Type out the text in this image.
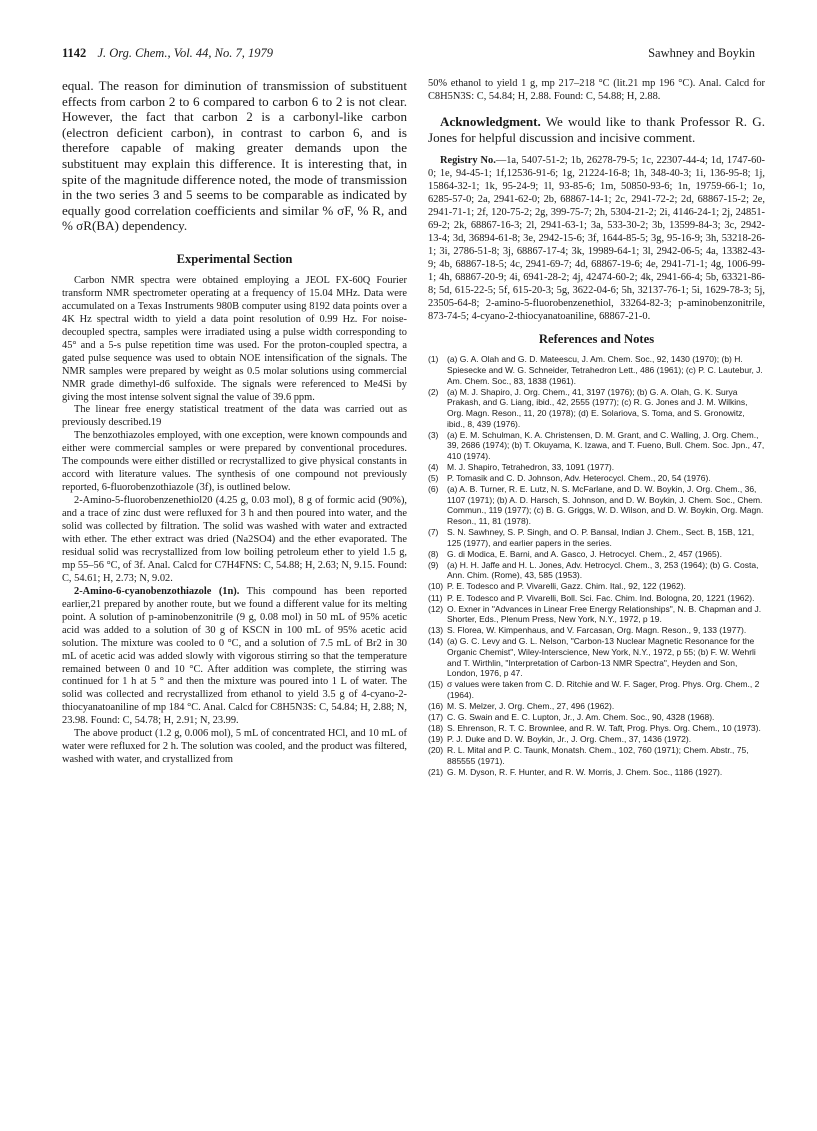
1142 J. Org. Chem., Vol. 44, No. 7, 1979	Sawhney and Boykin

equal. The reason for diminution of transmission of substituent effects from carbon 2 to 6 compared to carbon 6 to 2 is not clear. However, the fact that carbon 2 is a carbonyl-like carbon (electron deficient carbon), in contrast to carbon 6, and is therefore capable of making greater demands upon the substituent may explain this difference. It is interesting that, in spite of the magnitude difference noted, the mode of transmission in the two series 3 and 5 seems to be comparable as indicated by equally good correlation coefficients and similar % σF, % R, and % σR(BA) dependency.

Experimental Section

Carbon NMR spectra were obtained employing a JEOL FX-60Q Fourier transform NMR spectrometer operating at a frequency of 15.04 MHz. Data were accumulated on a Texas Instruments 980B computer using 8192 data points over a 4K Hz spectral width to yield a data point resolution of 0.99 Hz. For noise-decoupled spectra, samples were irradiated using a pulse width corresponding to 45° and a 5-s pulse repetition time was used. For the proton-coupled spectra, a gated pulse sequence was used to obtain NOE intensification of the signals. The NMR samples were prepared by weight as 0.5 molar solutions using commercial NMR grade dimethyl-d6 sulfoxide. The signals were referenced to Me4Si by giving the most intense solvent signal the value of 39.6 ppm.

The linear free energy statistical treatment of the data was carried out as previously described.19

The benzothiazoles employed, with one exception, were known compounds and either were commercial samples or were prepared by conventional procedures. The compounds were either distilled or recrystallized to give physical constants in accord with literature values. The synthesis of one compound not previously reported, 6-fluorobenzothiazole (3f), is outlined below.

2-Amino-5-fluorobenzenethiol20 (4.25 g, 0.03 mol), 8 g of formic acid (90%), and a trace of zinc dust were refluxed for 3 h and then poured into water, and the solid was collected by filtration. The solid was washed with water and extracted with ether. The ether extract was dried (Na2SO4) and the ether evaporated. The residual solid was recrystallized from low boiling petroleum ether to yield 1.5 g, mp 55–56 °C, of 3f. Anal. Calcd for C7H4FNS: C, 54.88; H, 2.63; N, 9.15. Found: C, 54.61; H, 2.73; N, 9.02.

2-Amino-6-cyanobenzothiazole (1n). This compound has been reported earlier,21 prepared by another route, but we found a different value for its melting point. A solution of p-aminobenzonitrile (9 g, 0.08 mol) in 50 mL of 95% acetic acid was added to a solution of 30 g of KSCN in 100 mL of 95% acetic acid solution. The mixture was cooled to 0 °C, and a solution of 7.5 mL of Br2 in 30 mL of acetic acid was added slowly with vigorous stirring so that the temperature remained between 0 and 10 °C. After addition was complete, the stirring was continued for 1 h at 5 ° and then the mixture was poured into 1 L of water. The solid was collected and recrystallized from ethanol to yield 3.5 g of 4-cyano-2-thiocyanatoaniline of mp 184 °C. Anal. Calcd for C8H5N3S: C, 54.84; H, 2.88; N, 23.98. Found: C, 54.78; H, 2.91; N, 23.99.

The above product (1.2 g, 0.006 mol), 5 mL of concentrated HCl, and 10 mL of water were refluxed for 2 h. The solution was cooled, and the product was filtered, washed with water, and crystallized from

50% ethanol to yield 1 g, mp 217–218 °C (lit.21 mp 196 °C). Anal. Calcd for C8H5N3S: C, 54.84; H, 2.88. Found: C, 54.88; H, 2.88.

Acknowledgment. We would like to thank Professor R. G. Jones for helpful discussion and incisive comment.

Registry No.—1a, 5407-51-2; 1b, 26278-79-5; 1c, 22307-44-4; 1d, 1747-60-0; 1e, 94-45-1; 1f,12536-91-6; 1g, 21224-16-8; 1h, 348-40-3; 1i, 136-95-8; 1j, 15864-32-1; 1k, 95-24-9; 1l, 93-85-6; 1m, 50850-93-6; 1n, 19759-66-1; 1o, 6285-57-0; 2a, 2941-62-0; 2b, 68867-14-1; 2c, 2941-72-2; 2d, 68867-15-2; 2e, 2941-71-1; 2f, 120-75-2; 2g, 399-75-7; 2h, 5304-21-2; 2i, 4146-24-1; 2j, 24851-69-2; 2k, 68867-16-3; 2l, 2941-63-1; 3a, 533-30-2; 3b, 13599-84-3; 3c, 2942-13-4; 3d, 36894-61-8; 3e, 2942-15-6; 3f, 1644-85-5; 3g, 95-16-9; 3h, 53218-26-1; 3i, 2786-51-8; 3j, 68867-17-4; 3k, 19989-64-1; 3l, 2942-06-5; 4a, 13382-43-9; 4b, 68867-18-5; 4c, 2941-69-7; 4d, 68867-19-6; 4e, 2941-71-1; 4g, 1006-99-1; 4h, 68867-20-9; 4i, 6941-28-2; 4j, 42474-60-2; 4k, 2941-66-4; 5b, 63321-86-8; 5d, 615-22-5; 5f, 615-20-3; 5g, 3622-04-6; 5h, 32137-76-1; 5i, 1629-78-3; 5j, 23505-64-8; 2-amino-5-fluorobenzenethiol, 33264-82-3; p-aminobenzonitrile, 873-74-5; 4-cyano-2-thiocyanatoaniline, 68867-21-0.

References and Notes
(1)	(a) G. A. Olah and G. D. Mateescu, J. Am. Chem. Soc., 92, 1430 (1970); (b) H. Spiesecke and W. G. Schneider, Tetrahedron Lett., 486 (1961); (c) P. C. Lautebur, J. Am. Chem. Soc., 83, 1838 (1961).
(2)	(a) M. J. Shapiro, J. Org. Chem., 41, 3197 (1976); (b) G. A. Olah, G. K. Surya Prakash, and G. Liang, ibid., 42, 2555 (1977); (c) R. G. Jones and J. M. Wilkins, Org. Magn. Reson., 11, 20 (1978); (d) E. Solariova, S. Toma, and S. Gronowitz, ibid., 8, 439 (1976).
(3)	(a) E. M. Schulman, K. A. Christensen, D. M. Grant, and C. Walling, J. Org. Chem., 39, 2686 (1974); (b) T. Okuyama, K. Izawa, and T. Fueno, Bull. Chem. Soc. Jpn., 47, 410 (1974).
(4)	M. J. Shapiro, Tetrahedron, 33, 1091 (1977).
(5)	P. Tomasik and C. D. Johnson, Adv. Heterocycl. Chem., 20, 54 (1976).
(6)	(a) A. B. Turner, R. E. Lutz, N. S. McFarlane, and D. W. Boykin, J. Org. Chem., 36, 1107 (1971); (b) A. D. Harsch, S. Johnson, and D. W. Boykin, J. Chem. Soc., Chem. Commun., 119 (1977); (c) B. G. Griggs, W. D. Wilson, and D. W. Boykin, Org. Magn. Reson., 11, 81 (1978).
(7)	S. N. Sawhney, S. P. Singh, and O. P. Bansal, Indian J. Chem., Sect. B, 15B, 121, 125 (1977), and earlier papers in the series.
(8)	G. di Modica, E. Barni, and A. Gasco, J. Hetrocycl. Chem., 2, 457 (1965).
(9)	(a) H. H. Jaffe and H. L. Jones, Adv. Hetrocycl. Chem., 3, 253 (1964); (b) G. Costa, Ann. Chim. (Rome), 43, 585 (1953).
(10) P. E. Todesco and P. Vivarelli, Gazz. Chim. Ital., 92, 122 (1962).
(11) P. E. Todesco and P. Vivarelli, Boll. Sci. Fac. Chim. Ind. Bologna, 20, 1221 (1962).
(12) O. Exner in "Advances in Linear Free Energy Relationships", N. B. Chapman and J. Shorter, Eds., Plenum Press, New York, N.Y., 1972, p 19.
(13) S. Florea, W. Kimpenhaus, and V. Farcasan, Org. Magn. Reson., 9, 133 (1977).
(14) (a) G. C. Levy and G. L. Nelson, "Carbon-13 Nuclear Magnetic Resonance for the Organic Chemist", Wiley-Interscience, New York, N.Y., 1972, p 55; (b) F. W. Wehrli and T. Wirthlin, "Interpretation of Carbon-13 NMR Spectra", Heyden and Son, London, 1976, p 47.
(15) σ values were taken from C. D. Ritchie and W. F. Sager, Prog. Phys. Org. Chem., 2 (1964).
(16) M. S. Melzer, J. Org. Chem., 27, 496 (1962).
(17) C. G. Swain and E. C. Lupton, Jr., J. Am. Chem. Soc., 90, 4328 (1968).
(18) S. Ehrenson, R. T. C. Brownlee, and R. W. Taft, Prog. Phys. Org. Chem., 10 (1973).
(19) P. J. Duke and D. W. Boykin, Jr., J. Org. Chem., 37, 1436 (1972).
(20) R. L. Mital and P. C. Taunk, Monatsh. Chem., 102, 760 (1971); Chem. Abstr., 75, 885555 (1971).
(21) G. M. Dyson, R. F. Hunter, and R. W. Morris, J. Chem. Soc., 1186 (1927).
